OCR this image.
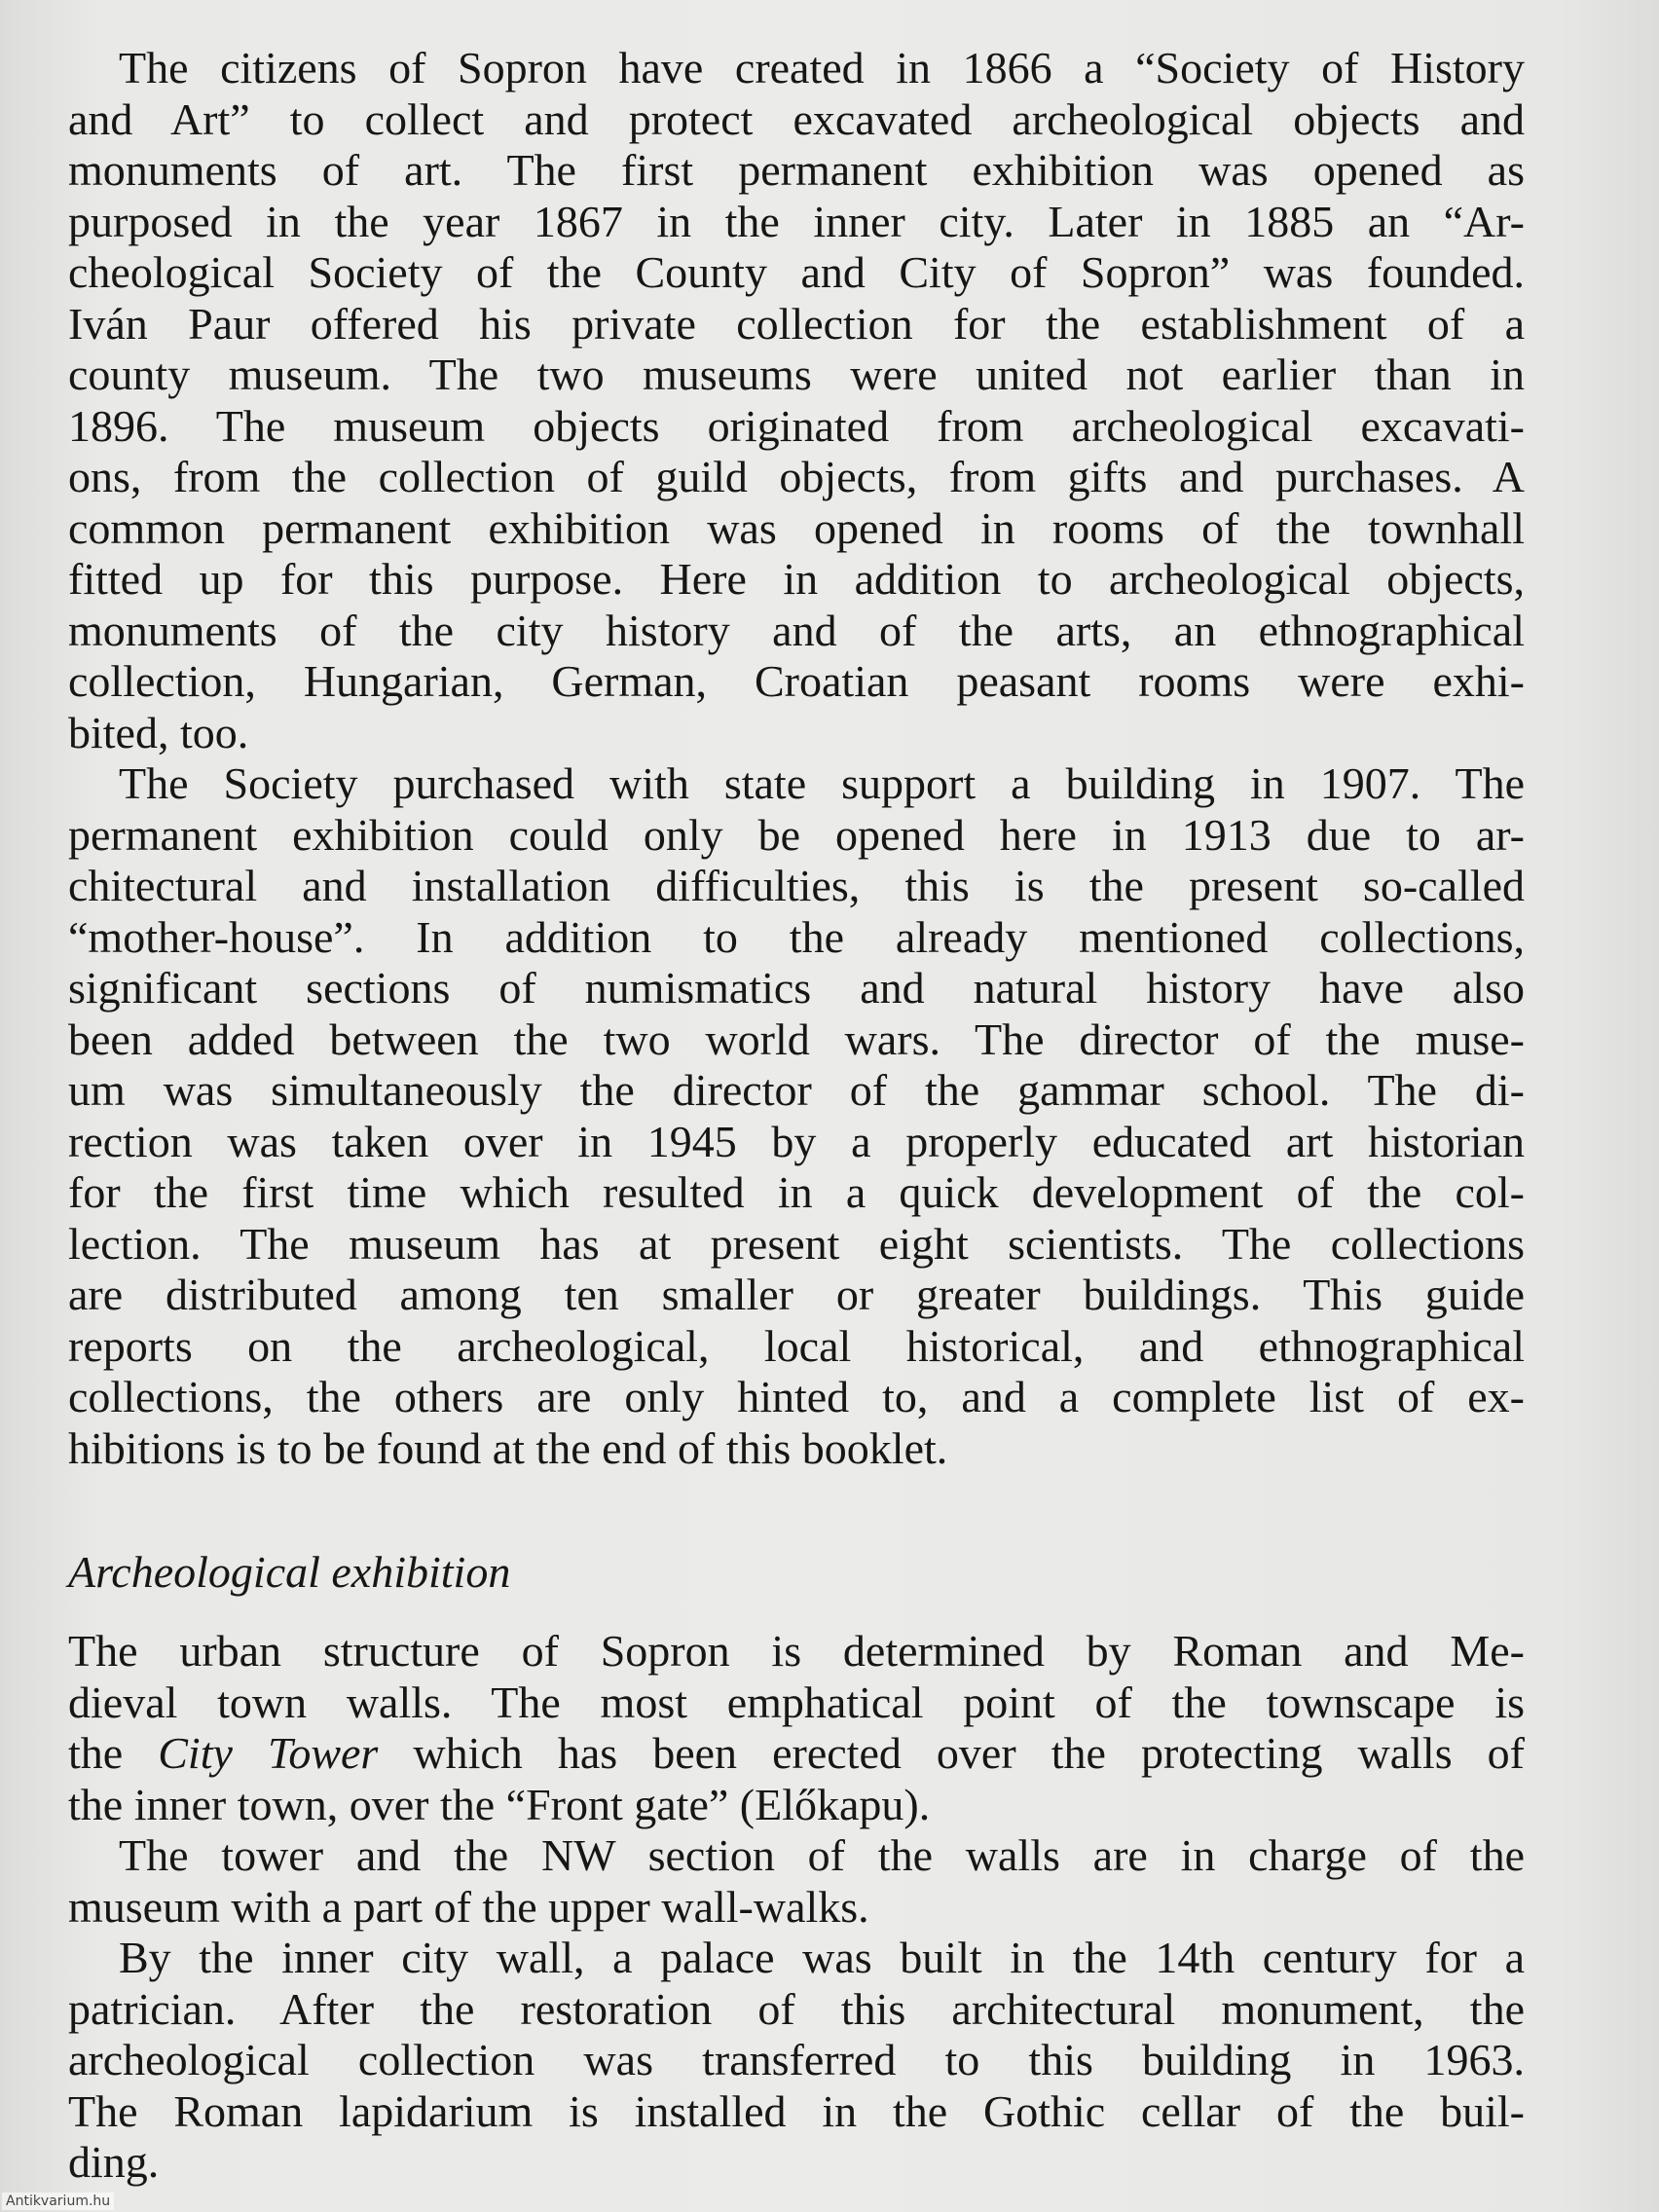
The citizens of Sopron have created in 1866 a “Society of History
and Art” to collect and protect excavated archeological objects and
monuments of art. The first permanent exhibition was opened as
purposed in the year 1867 in the inner city. Later in 1885 an “Ar-
cheological Society of the County and City of Sopron” was founded.
Iván Paur offered his private collection for the establishment of a
county museum. The two museums were united not earlier than in
1896. The museum objects originated from archeological excavati-
ons, from the collection of guild objects, from gifts and purchases. A
common permanent exhibition was opened in rooms of the townhall
fitted up for this purpose. Here in addition to archeological objects,
monuments of the city history and of the arts, an ethnographical
collection, Hungarian, German, Croatian peasant rooms were exhi-
bited, too.
The Society purchased with state support a building in 1907. The
permanent exhibition could only be opened here in 1913 due to ar-
chitectural and installation difficulties, this is the present so-called
“mother-house”. In addition to the already mentioned collections,
significant sections of numismatics and natural history have also
been added between the two world wars. The director of the muse-
um was simultaneously the director of the gammar school. The di-
rection was taken over in 1945 by a properly educated art historian
for the first time which resulted in a quick development of the col-
lection. The museum has at present eight scientists. The collections
are distributed among ten smaller or greater buildings. This guide
reports on the archeological, local historical, and ethnographical
collections, the others are only hinted to, and a complete list of ex-
hibitions is to be found at the end of this booklet.
Archeological exhibition
The urban structure of Sopron is determined by Roman and Me-
dieval town walls. The most emphatical point of the townscape is
the City Tower which has been erected over the protecting walls of
the inner town, over the “Front gate” (Előkapu).
The tower and the NW section of the walls are in charge of the
museum with a part of the upper wall-walks.
By the inner city wall, a palace was built in the 14th century for a
patrician. After the restoration of this architectural monument, the
archeological collection was transferred to this building in 1963.
The Roman lapidarium is installed in the Gothic cellar of the buil-
ding.
Antikvarium.hu
